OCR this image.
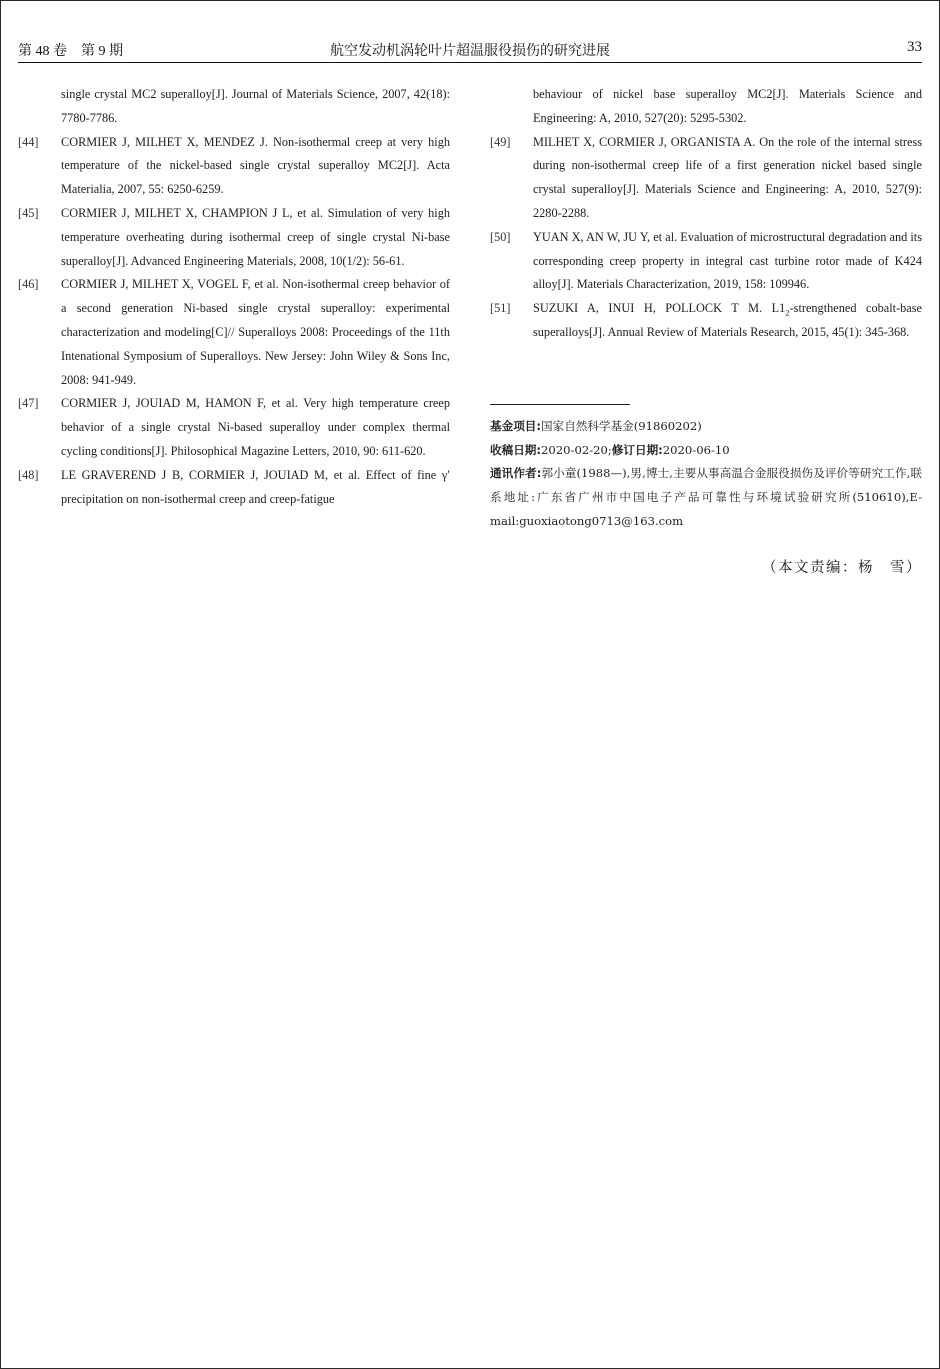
第 48 卷　第 9 期	航空发动机涡轮叶片超温服役损伤的研究进展	33
single crystal MC2 superalloy[J]. Journal of Materials Science, 2007, 42(18): 7780-7786.
[44] CORMIER J, MILHET X, MENDEZ J. Non-isothermal creep at very high temperature of the nickel-based single crystal superalloy MC2[J]. Acta Materialia, 2007, 55: 6250-6259.
[45] CORMIER J, MILHET X, CHAMPION J L, et al. Simulation of very high temperature overheating during isothermal creep of single crystal Ni-base superalloy[J]. Advanced Engineering Materials, 2008, 10(1/2): 56-61.
[46] CORMIER J, MILHET X, VOGEL F, et al. Non-isothermal creep behavior of a second generation Ni-based single crystal superalloy: experimental characterization and modeling[C]// Superalloys 2008: Proceedings of the 11th Intenational Symposium of Superalloys. New Jersey: John Wiley & Sons Inc, 2008: 941-949.
[47] CORMIER J, JOUIAD M, HAMON F, et al. Very high temperature creep behavior of a single crystal Ni-based superalloy under complex thermal cycling conditions[J]. Philosophical Magazine Letters, 2010, 90: 611-620.
[48] LE GRAVEREND J B, CORMIER J, JOUIAD M, et al. Effect of fine γ′ precipitation on non-isothermal creep and creep-fatigue
behaviour of nickel base superalloy MC2[J]. Materials Science and Engineering: A, 2010, 527(20): 5295-5302.
[49] MILHET X, CORMIER J, ORGANISTA A. On the role of the internal stress during non-isothermal creep life of a first generation nickel based single crystal superalloy[J]. Materials Science and Engineering: A, 2010, 527(9): 2280-2288.
[50] YUAN X, AN W, JU Y, et al. Evaluation of microstructural degradation and its corresponding creep property in integral cast turbine rotor made of K424 alloy[J]. Materials Characterization, 2019, 158: 109946.
[51] SUZUKI A, INUI H, POLLOCK T M. $L1_2$-strengthened cobalt-base superalloys[J]. Annual Review of Materials Research, 2015, 45(1): 345-368.
基金项目:国家自然科学基金(91860202)
收稿日期:2020-02-20;修订日期:2020-06-10
通讯作者:郭小童(1988—),男,博士,主要从事高温合金服役损伤及评价等研究工作,联系地址:广东省广州市中国电子产品可靠性与环境试验研究所(510610),E-mail:guoxiaotong0713@163.com
（本文责编：杨　雪）
